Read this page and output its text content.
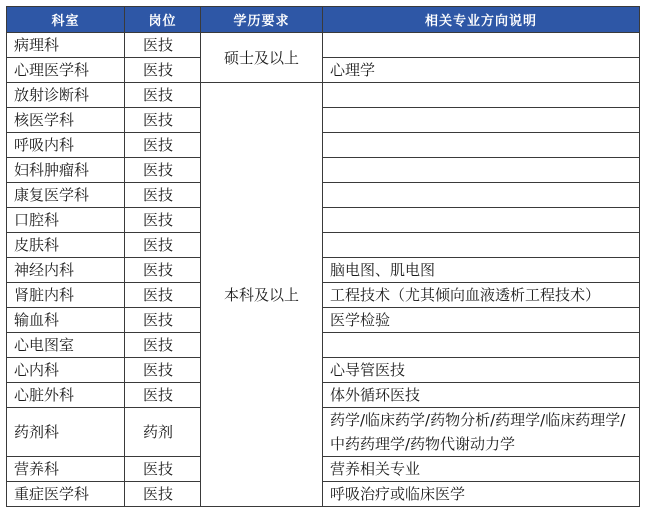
科室	岗位	学历要求	相关专业方向说明
病理科	医技	硕士及以上	
心理医学科	医技		心理学
放射诊断科	医技	本科及以上	
核医学科	医技		
呼吸内科	医技		
妇科肿瘤科	医技		
康复医学科	医技		
口腔科	医技		
皮肤科	医技		
神经内科	医技		脑电图、肌电图
肾脏内科	医技		工程技术（尤其倾向血液透析工程技术）
输血科	医技		医学检验
心电图室	医技		
心内科	医技		心导管医技
心脏外科	医技		体外循环医技
药剂科	药剂		药学/临床药学/药物分析/药理学/临床药理学/中药药理学/药物代谢动力学
营养科	医技		营养相关专业
重症医学科	医技		呼吸治疗或临床医学
